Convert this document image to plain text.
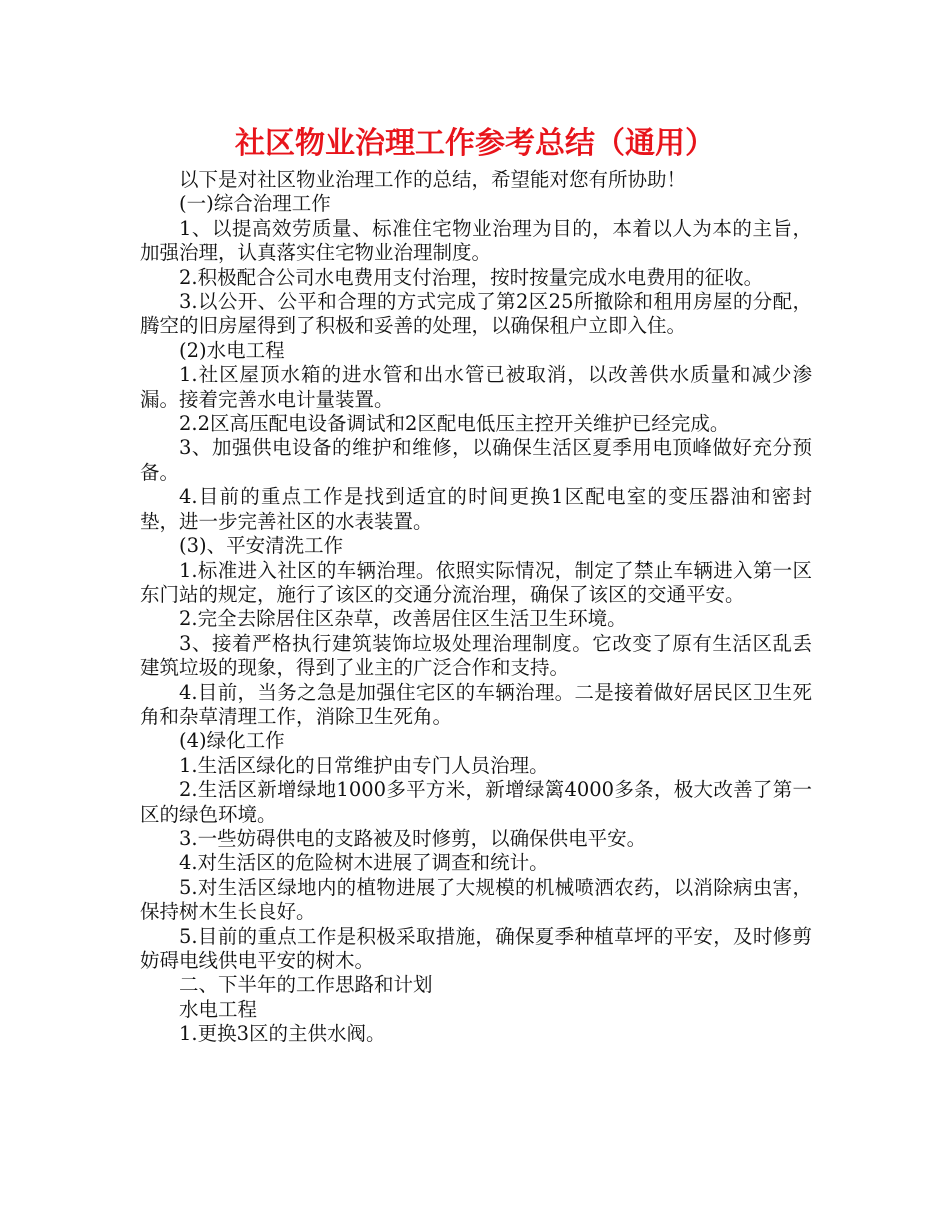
社区物业治理工作参考总结（通用）

以下是对社区物业治理工作的总结，希望能对您有所协助！

(一)综合治理工作

1、以提高效劳质量、标准住宅物业治理为目的，本着以人为本的主旨，加强治理，认真落实住宅物业治理制度。

2.积极配合公司水电费用支付治理，按时按量完成水电费用的征收。

3.以公开、公平和合理的方式完成了第2区25所撤除和租用房屋的分配，腾空的旧房屋得到了积极和妥善的处理，以确保租户立即入住。

(2)水电工程

1.社区屋顶水箱的进水管和出水管已被取消，以改善供水质量和减少渗漏。接着完善水电计量装置。

2.2区高压配电设备调试和2区配电低压主控开关维护已经完成。

3、加强供电设备的维护和维修，以确保生活区夏季用电顶峰做好充分预备。

4.目前的重点工作是找到适宜的时间更换1区配电室的变压器油和密封垫，进一步完善社区的水表装置。

(3)、平安清洗工作

1.标准进入社区的车辆治理。依照实际情况，制定了禁止车辆进入第一区东门站的规定，施行了该区的交通分流治理，确保了该区的交通平安。

2.完全去除居住区杂草，改善居住区生活卫生环境。

3、接着严格执行建筑装饰垃圾处理治理制度。它改变了原有生活区乱丢建筑垃圾的现象，得到了业主的广泛合作和支持。

4.目前，当务之急是加强住宅区的车辆治理。二是接着做好居民区卫生死角和杂草清理工作，消除卫生死角。

(4)绿化工作

1.生活区绿化的日常维护由专门人员治理。

2.生活区新增绿地1000多平方米，新增绿篱4000多条，极大改善了第一区的绿色环境。

3.一些妨碍供电的支路被及时修剪，以确保供电平安。

4.对生活区的危险树木进展了调查和统计。

5.对生活区绿地内的植物进展了大规模的机械喷洒农药，以消除病虫害，保持树木生长良好。

5.目前的重点工作是积极采取措施，确保夏季种植草坪的平安，及时修剪妨碍电线供电平安的树木。

二、下半年的工作思路和计划

水电工程

1.更换3区的主供水阀。
